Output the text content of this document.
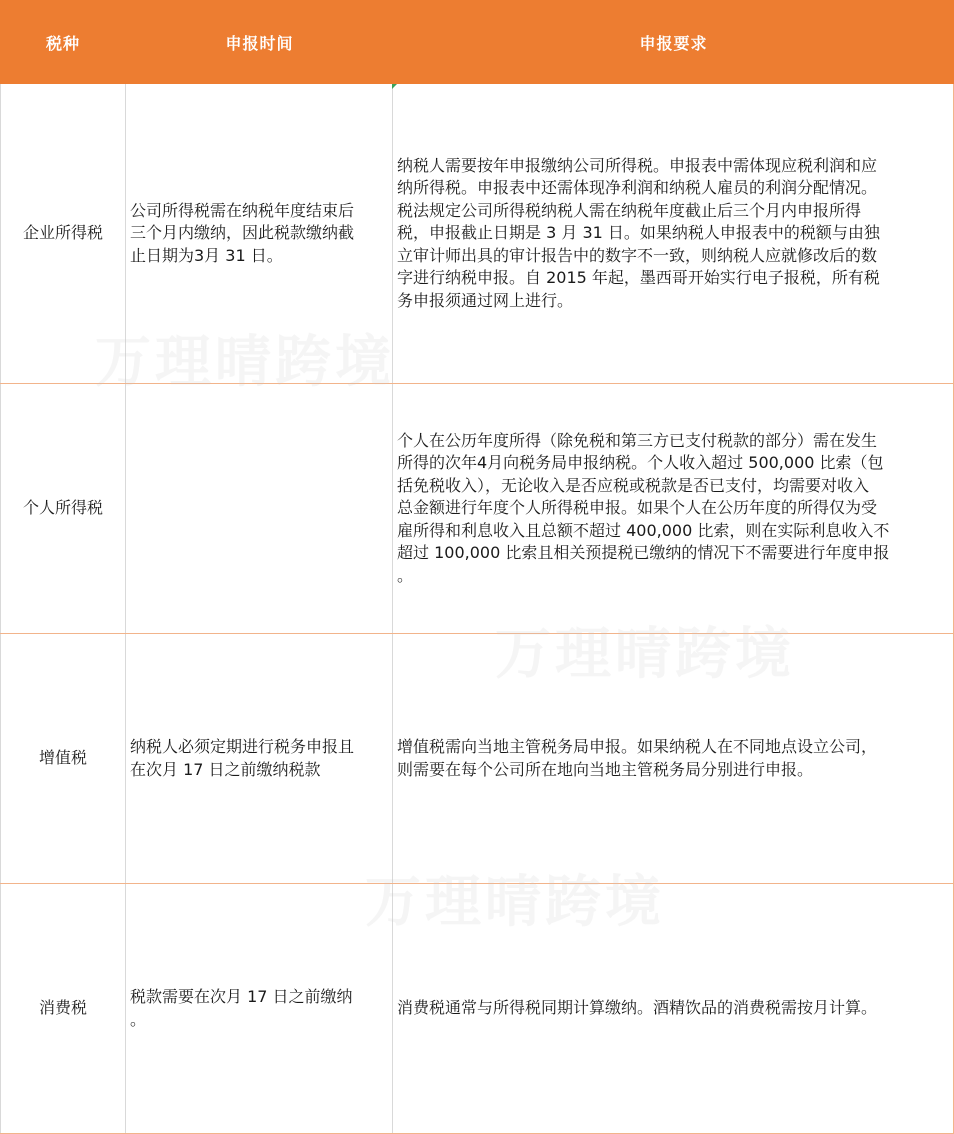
税种	申报时间	申报要求
企业所得税
公司所得税需在纳税年度结束后
三个月内缴纳，因此税款缴纳截
止日期为3月 31 日。
纳税人需要按年申报缴纳公司所得税。申报表中需体现应税利润和应
纳所得税。申报表中还需体现净利润和纳税人雇员的利润分配情况。
税法规定公司所得税纳税人需在纳税年度截止后三个月内申报所得
税，申报截止日期是 3 月 31 日。如果纳税人申报表中的税额与由独
立审计师出具的审计报告中的数字不一致，则纳税人应就修改后的数
字进行纳税申报。自 2015 年起，墨西哥开始实行电子报税，所有税
务申报须通过网上进行。
个人所得税
个人在公历年度所得（除免税和第三方已支付税款的部分）需在发生
所得的次年4月向税务局申报纳税。个人收入超过 500,000 比索（包
括免税收入），无论收入是否应税或税款是否已支付，均需要对收入
总金额进行年度个人所得税申报。如果个人在公历年度的所得仅为受
雇所得和利息收入且总额不超过 400,000 比索，则在实际利息收入不
超过 100,000 比索且相关预提税已缴纳的情况下不需要进行年度申报
。
增值税
纳税人必须定期进行税务申报且
在次月 17 日之前缴纳税款
增值税需向当地主管税务局申报。如果纳税人在不同地点设立公司，
则需要在每个公司所在地向当地主管税务局分别进行申报。
消费税
税款需要在次月 17 日之前缴纳
。
消费税通常与所得税同期计算缴纳。酒精饮品的消费税需按月计算。
万理晴跨境
万理晴跨境
万理晴跨境
